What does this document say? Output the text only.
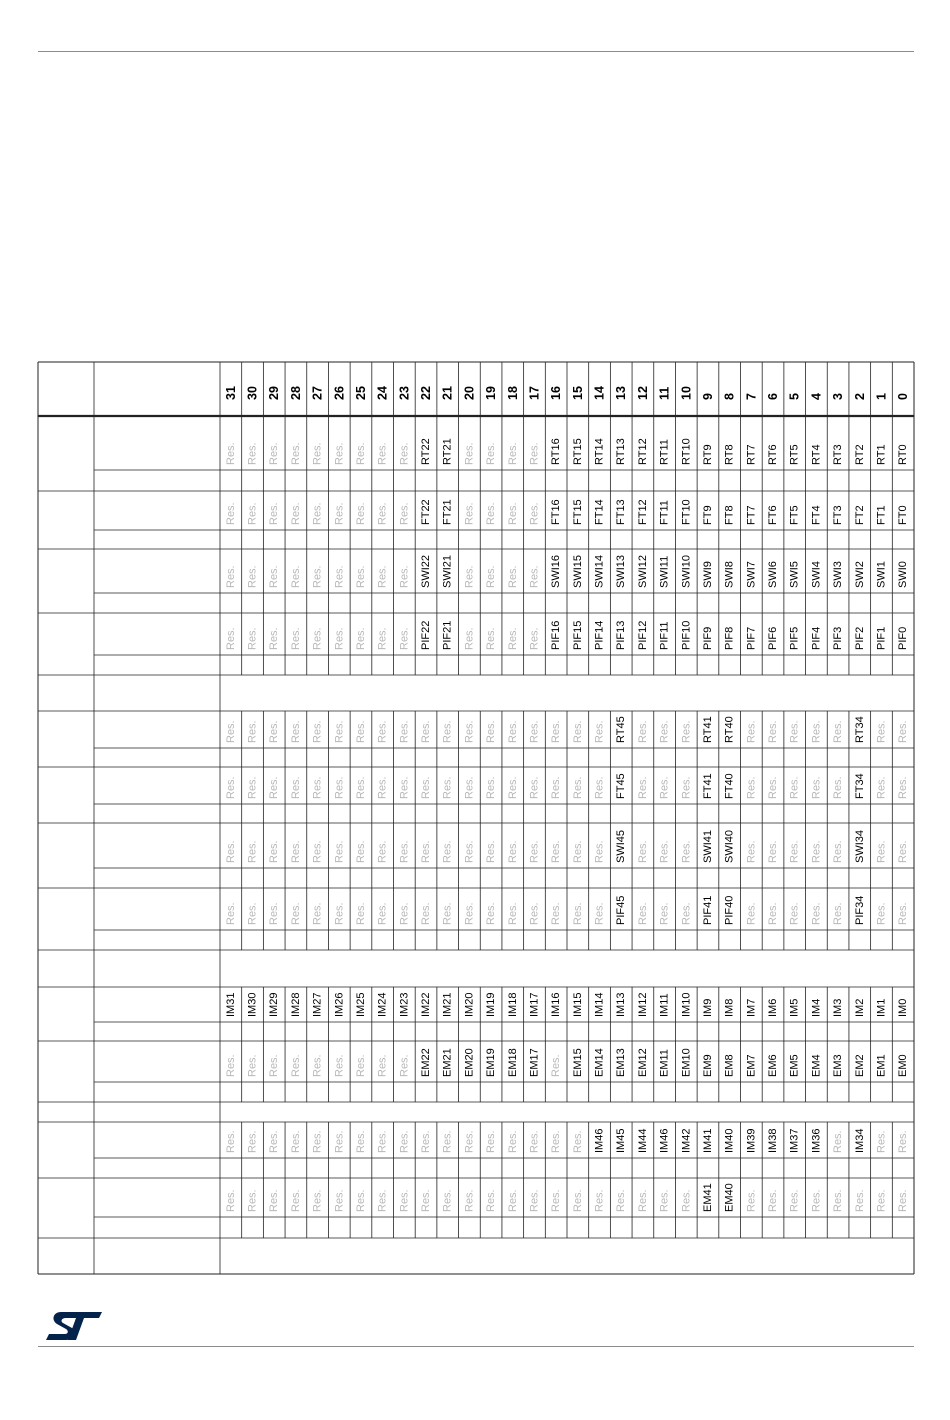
31 30 29 28 27 26 25 24 23 22 21 20 19 18 17 16 15 14 13 12 11 10 9 8 7 6 5 4 3 2 1 0
Res. Res. Res. Res. Res. Res. Res. Res. Res. RT22 RT21 Res. Res. Res. Res. RT16 RT15 RT14 RT13 RT12 RT11 RT10 RT9 RT8 RT7 RT6 RT5 RT4 RT3 RT2 RT1 RT0
Res. Res. Res. Res. Res. Res. Res. Res. Res. FT22 FT21 Res. Res. Res. Res. FT16 FT15 FT14 FT13 FT12 FT11 FT10 FT9 FT8 FT7 FT6 FT5 FT4 FT3 FT2 FT1 FT0
Res. Res. Res. Res. Res. Res. Res. Res. Res. SWI22 SWI21 Res. Res. Res. Res. SWI16 SWI15 SWI14 SWI13 SWI12 SWI11 SWI10 SWI9 SWI8 SWI7 SWI6 SWI5 SWI4 SWI3 SWI2 SWI1 SWI0
Res. Res. Res. Res. Res. Res. Res. Res. Res. PIF22 PIF21 Res. Res. Res. Res. PIF16 PIF15 PIF14 PIF13 PIF12 PIF11 PIF10 PIF9 PIF8 PIF7 PIF6 PIF5 PIF4 PIF3 PIF2 PIF1 PIF0
Res. Res. Res. Res. Res. Res. Res. Res. Res. Res. Res. Res. Res. Res. Res. Res. Res. Res. RT45 Res. Res. Res. RT41 RT40 Res. Res. Res. Res. Res. RT34 Res. Res.
Res. Res. Res. Res. Res. Res. Res. Res. Res. Res. Res. Res. Res. Res. Res. Res. Res. Res. FT45 Res. Res. Res. FT41 FT40 Res. Res. Res. Res. Res. FT34 Res. Res.
Res. Res. Res. Res. Res. Res. Res. Res. Res. Res. Res. Res. Res. Res. Res. Res. Res. Res. SWI45 Res. Res. Res. SWI41 SWI40 Res. Res. Res. Res. Res. SWI34 Res. Res.
Res. Res. Res. Res. Res. Res. Res. Res. Res. Res. Res. Res. Res. Res. Res. Res. Res. Res. PIF45 Res. Res. Res. PIF41 PIF40 Res. Res. Res. Res. Res. PIF34 Res. Res.
IM31 IM30 IM29 IM28 IM27 IM26 IM25 IM24 IM23 IM22 IM21 IM20 IM19 IM18 IM17 IM16 IM15 IM14 IM13 IM12 IM11 IM10 IM9 IM8 IM7 IM6 IM5 IM4 IM3 IM2 IM1 IM0
Res. Res. Res. Res. Res. Res. Res. Res. Res. EM22 EM21 EM20 EM19 EM18 EM17 Res. EM15 EM14 EM13 EM12 EM11 EM10 EM9 EM8 EM7 EM6 EM5 EM4 EM3 EM2 EM1 EM0
Res. Res. Res. Res. Res. Res. Res. Res. Res. Res. Res. Res. Res. Res. Res. Res. Res. IM46 IM45 IM44 IM46 IM42 IM41 IM40 IM39 IM38 IM37 IM36 Res. IM34 Res. Res.
Res. Res. Res. Res. Res. Res. Res. Res. Res. Res. Res. Res. Res. Res. Res. Res. Res. Res. Res. Res. Res. Res. EM41 EM40 Res. Res. Res. Res. Res. Res. Res. Res.
